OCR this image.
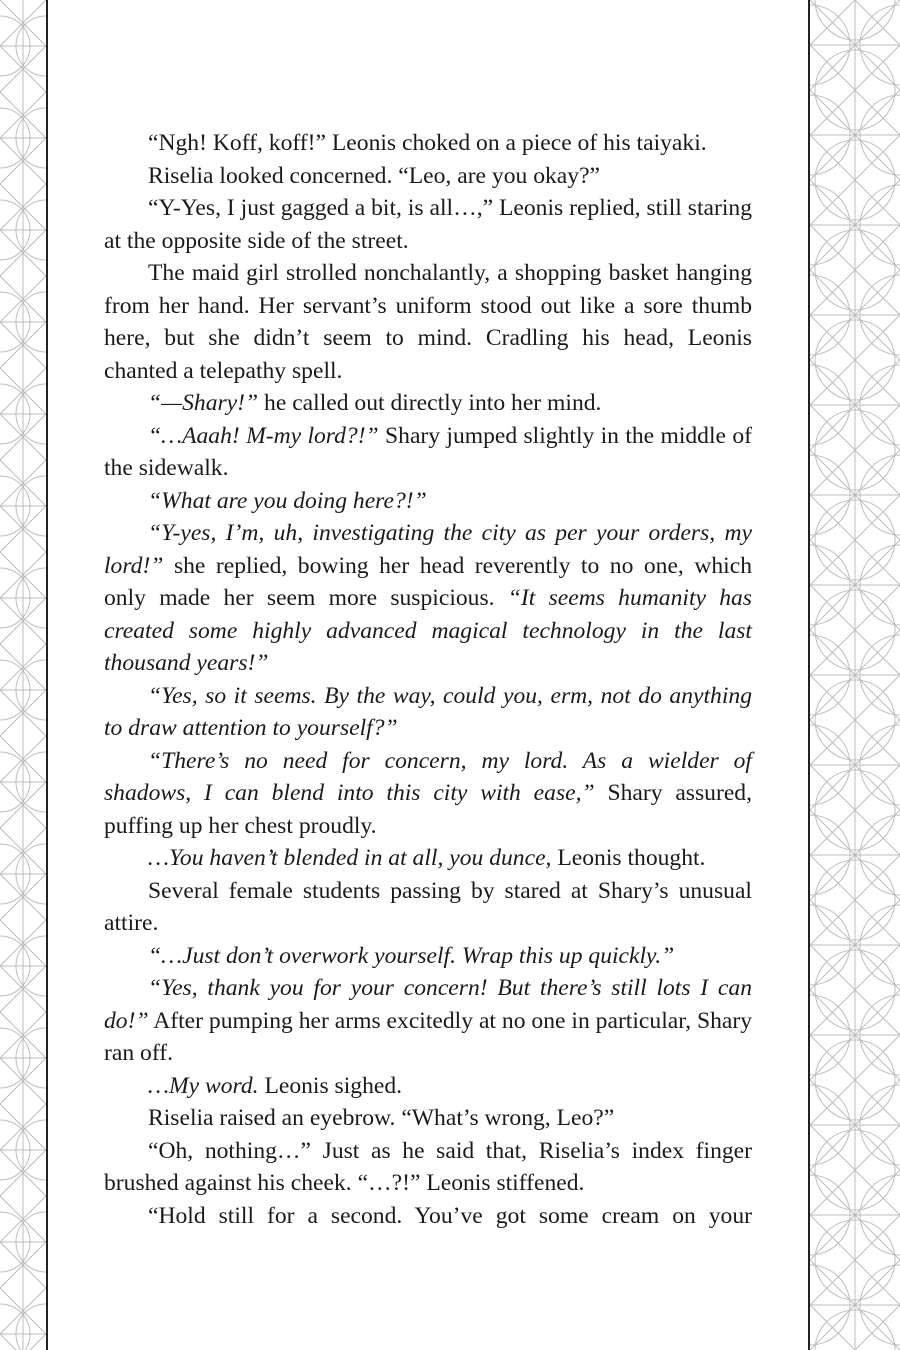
“Ngh! Koff, koff!” Leonis choked on a piece of his taiyaki.

Riselia looked concerned. “Leo, are you okay?”

“Y-Yes, I just gagged a bit, is all…,” Leonis replied, still staring at the opposite side of the street.

The maid girl strolled nonchalantly, a shopping basket hanging from her hand. Her servant’s uniform stood out like a sore thumb here, but she didn’t seem to mind. Cradling his head, Leonis chanted a telepathy spell.

“—Shary!” he called out directly into her mind.

“…Aaah! M-my lord?!” Shary jumped slightly in the middle of the sidewalk.

“What are you doing here?!”

“Y-yes, I’m, uh, investigating the city as per your orders, my lord!” she replied, bowing her head reverently to no one, which only made her seem more suspicious. “It seems humanity has created some highly advanced magical technology in the last thousand years!”

“Yes, so it seems. By the way, could you, erm, not do anything to draw attention to yourself?”

“There’s no need for concern, my lord. As a wielder of shadows, I can blend into this city with ease,” Shary assured, puffing up her chest proudly.

…You haven’t blended in at all, you dunce, Leonis thought.

Several female students passing by stared at Shary’s unusual attire.

“…Just don’t overwork yourself. Wrap this up quickly.”

“Yes, thank you for your concern! But there’s still lots I can do!” After pumping her arms excitedly at no one in particular, Shary ran off.

…My word. Leonis sighed.

Riselia raised an eyebrow. “What’s wrong, Leo?”

“Oh, nothing…” Just as he said that, Riselia’s index finger brushed against his cheek. “…?!” Leonis stiffened.

“Hold still for a second. You’ve got some cream on your
